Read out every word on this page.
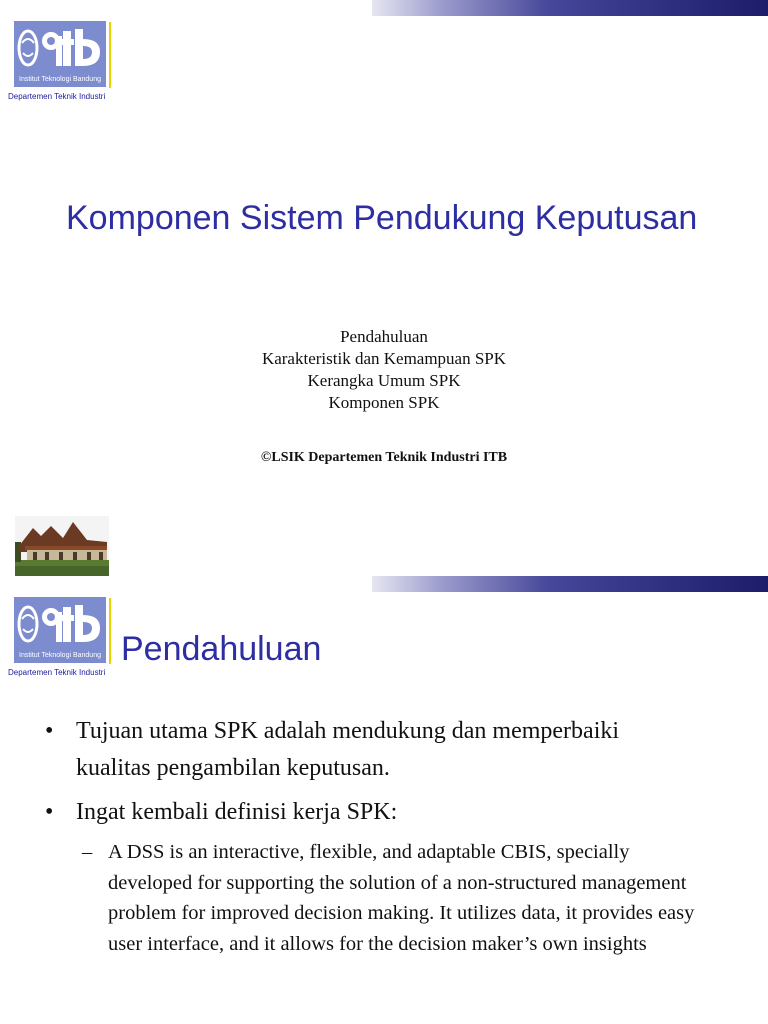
Institut Teknologi Bandung
Departemen Teknik Industri
Komponen Sistem Pendukung Keputusan
Pendahuluan
Karakteristik dan Kemampuan SPK
Kerangka Umum SPK
Komponen SPK
©LSIK Departemen Teknik Industri ITB
Institut Teknologi Bandung
Departemen Teknik Industri
Pendahuluan
• Tujuan utama SPK adalah mendukung dan memperbaiki kualitas pengambilan keputusan.
• Ingat kembali definisi kerja SPK:
– A DSS is an interactive, flexible, and adaptable CBIS, specially developed for supporting the solution of a non-structured management problem for improved decision making. It utilizes data, it provides easy user interface, and it allows for the decision maker’s own insights
